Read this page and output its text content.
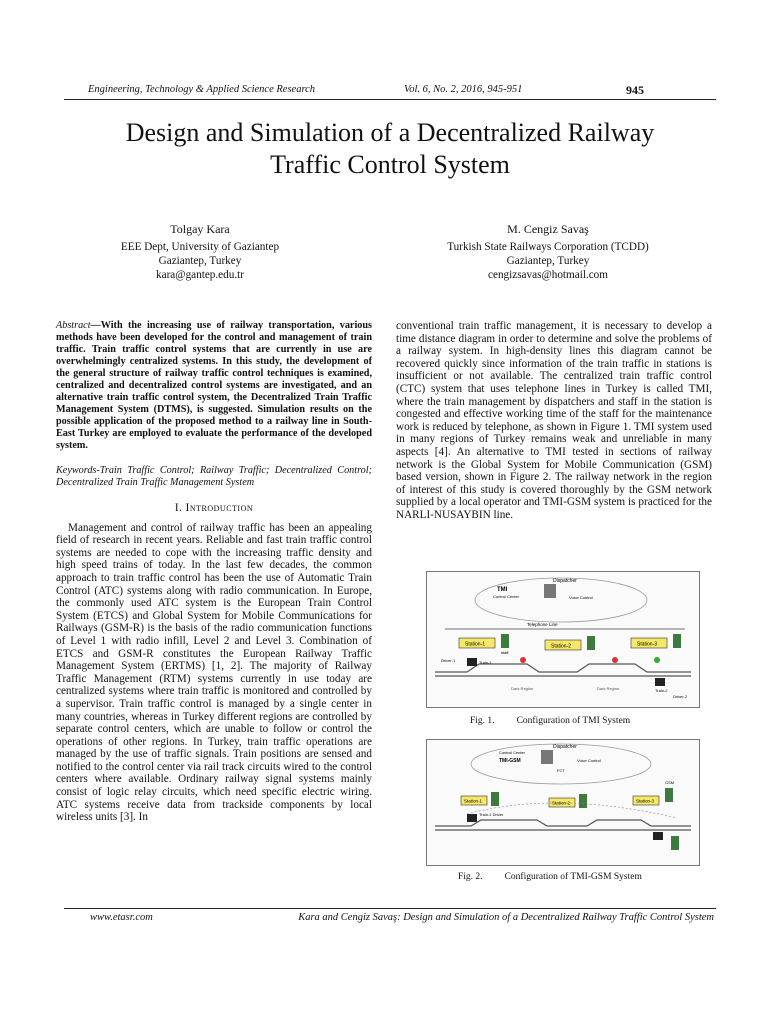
Engineering, Technology & Applied Science Research	Vol. 6, No. 2, 2016, 945-951	945
Design and Simulation of a Decentralized Railway
Traffic Control System
Tolgay Kara
EEE Dept, University of Gaziantep
Gaziantep, Turkey
kara@gantep.edu.tr
M. Cengiz Savaş
Turkish State Railways Corporation (TCDD)
Gaziantep, Turkey
cengizsavas@hotmail.com

Abstract—With the increasing use of railway transportation, various methods have been developed for the control and management of train traffic. Train traffic control systems that are currently in use are overwhelmingly centralized systems. In this study, the development of the general structure of railway traffic control techniques is examined, centralized and decentralized control systems are investigated, and an alternative train traffic control system, the Decentralized Train Traffic Management System (DTMS), is suggested. Simulation results on the possible application of the proposed method to a railway line in South-East Turkey are employed to evaluate the performance of the developed system.

Keywords-Train Traffic Control; Railway Traffic; Decentralized Control; Decentralized Train Traffic Management System

I. Introduction

Management and control of railway traffic has been an appealing field of research in recent years. Reliable and fast train traffic control systems are needed to cope with the increasing traffic density and high speed trains of today. In the last few decades, the common approach to train traffic control has been the use of Automatic Train Control (ATC) systems along with radio communication. In Europe, the commonly used ATC system is the European Train Control System (ETCS) and Global System for Mobile Communications for Railways (GSM-R) is the basis of the radio communication functions of Level 1 with radio infill, Level 2 and Level 3. Combination of ETCS and GSM-R constitutes the European Railway Traffic Management System (ERTMS) [1, 2]. The majority of Railway Traffic Management (RTM) systems currently in use today are centralized systems where train traffic is monitored and controlled by a supervisor. Train traffic control is managed by a single center in many countries, whereas in Turkey different regions are controlled by separate control centers, which are unable to follow or control the operations of other regions. In Turkey, train traffic operations are managed by the use of traffic signals. Train positions are sensed and notified to the control center via rail track circuits wired to the control centers where available. Ordinary railway signal systems mainly consist of logic relay circuits, which need specific electric wiring. ATC systems receive data from trackside components by local wireless units [3]. In

conventional train traffic management, it is necessary to develop a time distance diagram in order to determine and solve the problems of a railway system. In high-density lines this diagram cannot be recovered quickly since information of the train traffic in stations is insufficient or not available. The centralized train traffic control (CTC) system that uses telephone lines in Turkey is called TMI, where the train management by dispatchers and staff in the station is congested and effective working time of the staff for the maintenance work is reduced by telephone, as shown in Figure 1. TMI system used in many regions of Turkey remains weak and unreliable in many aspects [4]. An alternative to TMI tested in sections of railway network is the Global System for Mobile Communication (GSM) based version, shown in Figure 2. The railway network in the region of interest of this study is covered thoroughly by the GSM network supplied by a local operator and TMI-GSM system is practiced for the NARLI-NUSAYBIN line.

Dispatcher
TMI
Control Center	Voice Control
Telephone Line
Station-1	Station-2	Station-3
staff
Driver-1	Train-1
Train-2
Driver-2
Dark Region	Dark Region
Fig. 1. Configuration of TMI System
Dispatcher
Control Center
TMI-GSM
FCT
Voice Control
Station-1	Station-2	Station-3
GSM
Train-1 Driver
Fig. 2. Configuration of TMI-GSM System
www.etasr.com	Kara and Cengiz Savaş: Design and Simulation of a Decentralized Railway Traffic Control System
